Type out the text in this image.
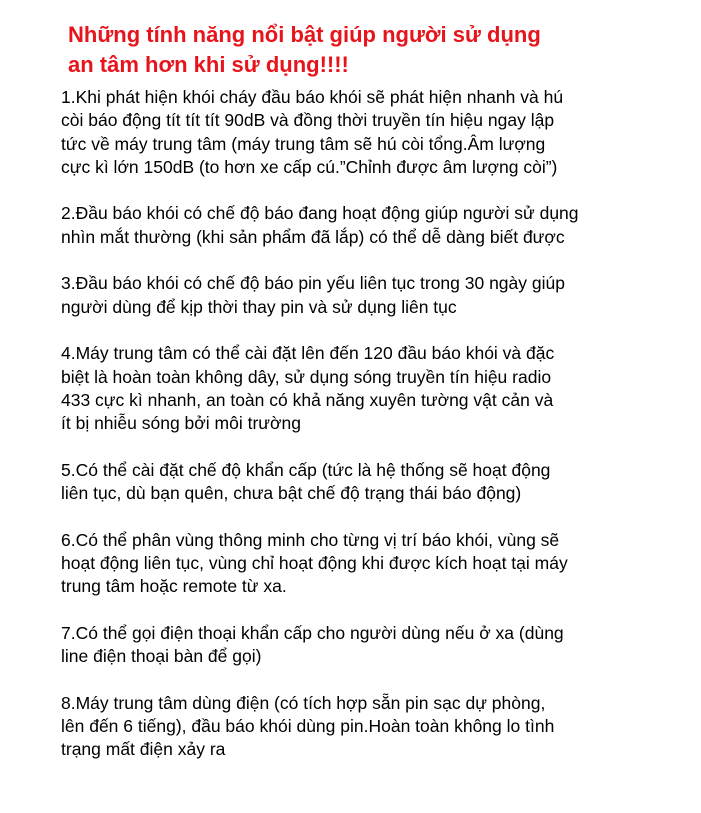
Những tính năng nổi bật giúp người sử dụng
an tâm hơn khi sử dụng!!!!
1.Khi phát hiện khói cháy đầu báo khói sẽ phát hiện nhanh và hú
còi báo động tít tít tít 90dB và đồng thời truyền tín hiệu ngay lập
tức về máy trung tâm (máy trung tâm sẽ hú còi tổng.Âm lượng
cực kì lớn 150dB (to hơn xe cấp cú.”Chỉnh được âm lượng còi”)
2.Đầu báo khói có chế độ báo đang hoạt động giúp người sử dụng
nhìn mắt thường (khi sản phẩm đã lắp) có thể dễ dàng biết được
3.Đầu báo khói có chế độ báo pin yếu liên tục trong 30 ngày giúp
người dùng để kịp thời thay pin và sử dụng liên tục
4.Máy trung tâm có thể cài đặt lên đến 120 đầu báo khói và đặc
biệt là hoàn toàn không dây, sử dụng sóng truyền tín hiệu radio
433 cực kì nhanh, an toàn có khả năng xuyên tường vật cản và
ít bị nhiễu sóng bởi môi trường
5.Có thể cài đặt chế độ khẩn cấp (tức là hệ thống sẽ hoạt động
liên tục, dù bạn quên, chưa bật chế độ trạng thái báo động)
6.Có thể phân vùng thông minh cho từng vị trí báo khói, vùng sẽ
hoạt động liên tục, vùng chỉ hoạt động khi được kích hoạt tại máy
trung tâm hoặc remote từ xa.
7.Có thể gọi điện thoại khẩn cấp cho người dùng nếu ở xa (dùng
line điện thoại bàn để gọi)
8.Máy trung tâm dùng điện (có tích hợp sẵn pin sạc dự phòng,
lên đến 6 tiếng), đầu báo khói dùng pin.Hoàn toàn không lo tình
trạng mất điện xảy ra
